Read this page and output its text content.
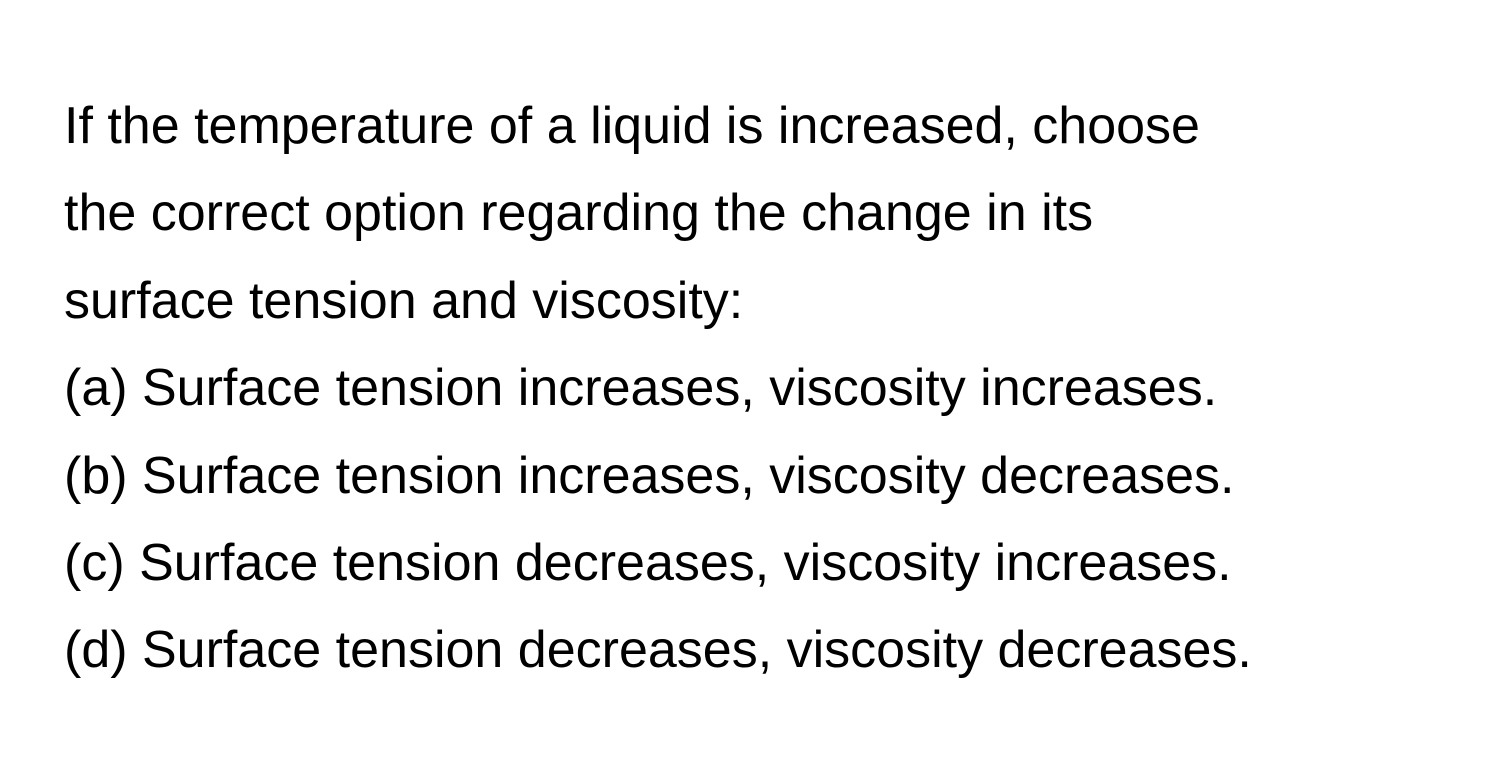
If the temperature of a liquid is increased, choose
the correct option regarding the change in its
surface tension and viscosity:
(a) Surface tension increases, viscosity increases.
(b) Surface tension increases, viscosity decreases.
(c) Surface tension decreases, viscosity increases.
(d) Surface tension decreases, viscosity decreases.
